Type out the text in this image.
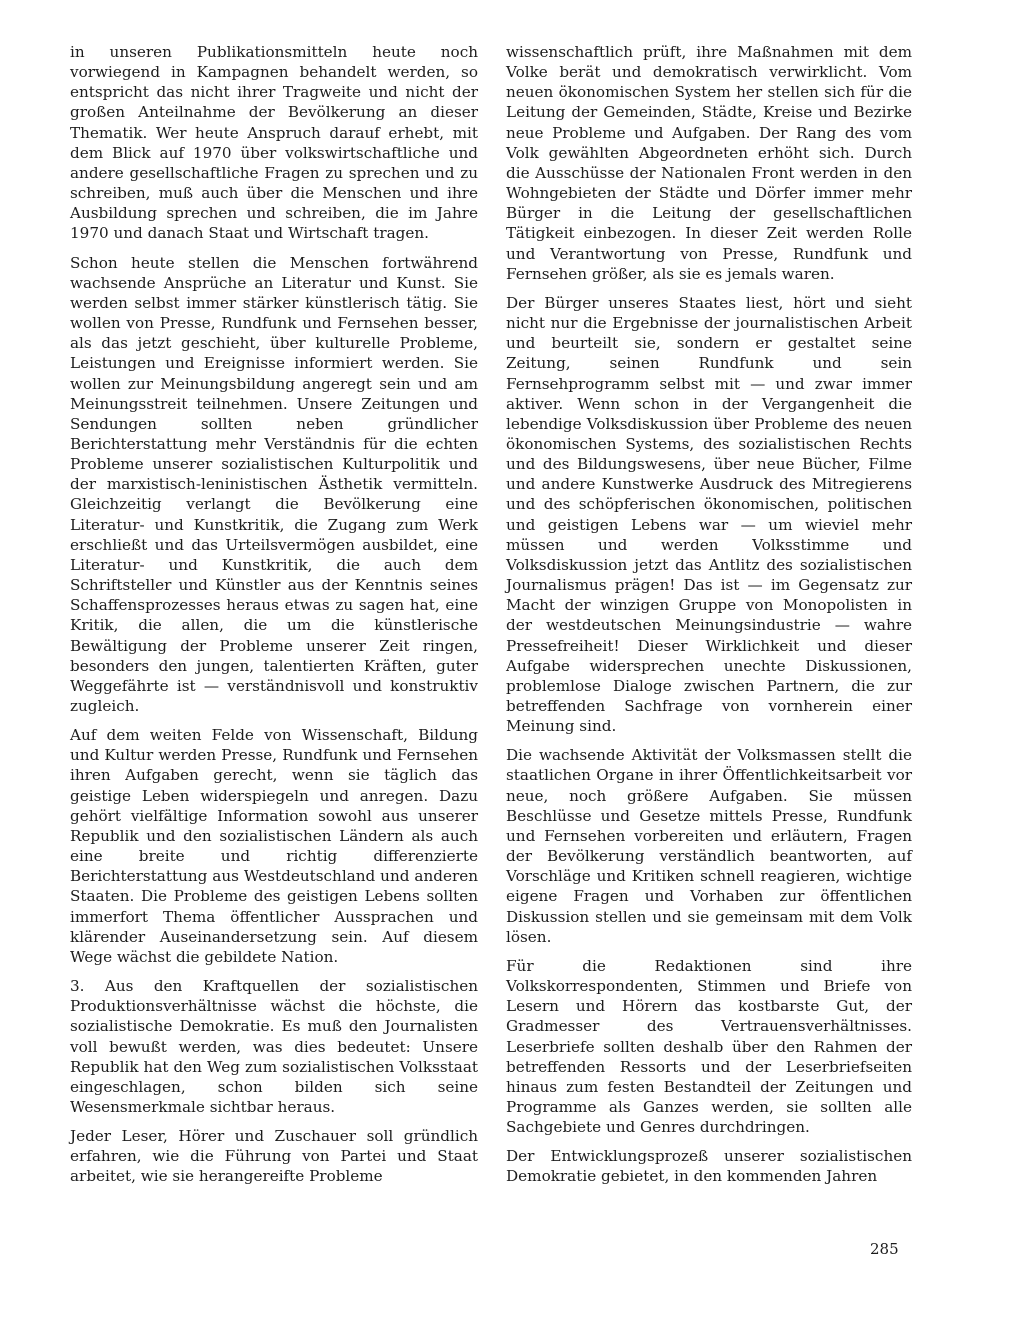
in unseren Publikationsmitteln heute noch vorwiegend in Kampagnen behandelt werden, so entspricht das nicht ihrer Tragweite und nicht der großen Anteilnahme der Bevölkerung an dieser Thematik. Wer heute Anspruch darauf erhebt, mit dem Blick auf 1970 über volkswirtschaftliche und andere gesellschaftliche Fragen zu sprechen und zu schreiben, muß auch über die Menschen und ihre Ausbildung sprechen und schreiben, die im Jahre 1970 und danach Staat und Wirtschaft tragen.

Schon heute stellen die Menschen fortwährend wachsende Ansprüche an Literatur und Kunst. Sie werden selbst immer stärker künstlerisch tätig. Sie wollen von Presse, Rundfunk und Fernsehen besser, als das jetzt geschieht, über kulturelle Probleme, Leistungen und Ereignisse informiert werden. Sie wollen zur Meinungsbildung angeregt sein und am Meinungsstreit teilnehmen. Unsere Zeitungen und Sendungen sollten neben gründlicher Berichterstattung mehr Verständnis für die echten Probleme unserer sozialistischen Kulturpolitik und der marxistisch-leninistischen Ästhetik vermitteln. Gleichzeitig verlangt die Bevölkerung eine Literatur- und Kunstkritik, die Zugang zum Werk erschließt und das Urteilsvermögen ausbildet, eine Literatur- und Kunstkritik, die auch dem Schriftsteller und Künstler aus der Kenntnis seines Schaffensprozesses heraus etwas zu sagen hat, eine Kritik, die allen, die um die künstlerische Bewältigung der Probleme unserer Zeit ringen, besonders den jungen, talentierten Kräften, guter Weggefährte ist — verständnisvoll und konstruktiv zugleich.

Auf dem weiten Felde von Wissenschaft, Bildung und Kultur werden Presse, Rundfunk und Fernsehen ihren Aufgaben gerecht, wenn sie täglich das geistige Leben widerspiegeln und anregen. Dazu gehört vielfältige Information sowohl aus unserer Republik und den sozialistischen Ländern als auch eine breite und richtig differenzierte Berichterstattung aus Westdeutschland und anderen Staaten. Die Probleme des geistigen Lebens sollten immerfort Thema öffentlicher Aussprachen und klärender Auseinandersetzung sein. Auf diesem Wege wächst die gebildete Nation.

3. Aus den Kraftquellen der sozialistischen Produktionsverhältnisse wächst die höchste, die sozialistische Demokratie. Es muß den Journalisten voll bewußt werden, was dies bedeutet: Unsere Republik hat den Weg zum sozialistischen Volksstaat eingeschlagen, schon bilden sich seine Wesensmerkmale sichtbar heraus.

Jeder Leser, Hörer und Zuschauer soll gründlich erfahren, wie die Führung von Partei und Staat arbeitet, wie sie herangereifte Probleme

wissenschaftlich prüft, ihre Maßnahmen mit dem Volke berät und demokratisch verwirklicht. Vom neuen ökonomischen System her stellen sich für die Leitung der Gemeinden, Städte, Kreise und Bezirke neue Probleme und Aufgaben. Der Rang des vom Volk gewählten Abgeordneten erhöht sich. Durch die Ausschüsse der Nationalen Front werden in den Wohngebieten der Städte und Dörfer immer mehr Bürger in die Leitung der gesellschaftlichen Tätigkeit einbezogen. In dieser Zeit werden Rolle und Verantwortung von Presse, Rundfunk und Fernsehen größer, als sie es jemals waren.

Der Bürger unseres Staates liest, hört und sieht nicht nur die Ergebnisse der journalistischen Arbeit und beurteilt sie, sondern er gestaltet seine Zeitung, seinen Rundfunk und sein Fernsehprogramm selbst mit — und zwar immer aktiver. Wenn schon in der Vergangenheit die lebendige Volksdiskussion über Probleme des neuen ökonomischen Systems, des sozialistischen Rechts und des Bildungswesens, über neue Bücher, Filme und andere Kunstwerke Ausdruck des Mitregierens und des schöpferischen ökonomischen, politischen und geistigen Lebens war — um wieviel mehr müssen und werden Volksstimme und Volksdiskussion jetzt das Antlitz des sozialistischen Journalismus prägen! Das ist — im Gegensatz zur Macht der winzigen Gruppe von Monopolisten in der westdeutschen Meinungsindustrie — wahre Pressefreiheit! Dieser Wirklichkeit und dieser Aufgabe widersprechen unechte Diskussionen, problemlose Dialoge zwischen Partnern, die zur betreffenden Sachfrage von vornherein einer Meinung sind.

Die wachsende Aktivität der Volksmassen stellt die staatlichen Organe in ihrer Öffentlichkeitsarbeit vor neue, noch größere Aufgaben. Sie müssen Beschlüsse und Gesetze mittels Presse, Rundfunk und Fernsehen vorbereiten und erläutern, Fragen der Bevölkerung verständlich beantworten, auf Vorschläge und Kritiken schnell reagieren, wichtige eigene Fragen und Vorhaben zur öffentlichen Diskussion stellen und sie gemeinsam mit dem Volk lösen.

Für die Redaktionen sind ihre Volkskorrespondenten, Stimmen und Briefe von Lesern und Hörern das kostbarste Gut, der Gradmesser des Vertrauensverhältnisses. Leserbriefe sollten deshalb über den Rahmen der betreffenden Ressorts und der Leserbriefseiten hinaus zum festen Bestandteil der Zeitungen und Programme als Ganzes werden, sie sollten alle Sachgebiete und Genres durchdringen.

Der Entwicklungsprozeß unserer sozialistischen Demokratie gebietet, in den kommenden Jahren

285
